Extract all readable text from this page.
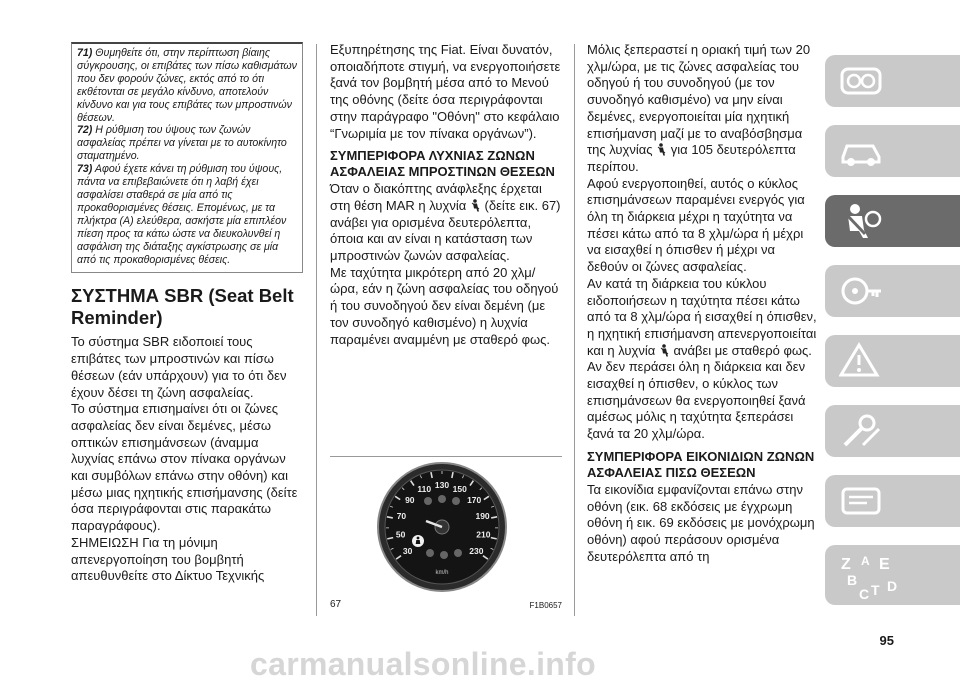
71) Θυμηθείτε ότι, στην περίπτωση βίαιης σύγκρουσης, οι επιβάτες των πίσω καθισμάτων που δεν φορούν ζώνες, εκτός από το ότι εκθέτονται σε μεγάλο κίνδυνο, αποτελούν κίνδυνο και για τους επιβάτες των μπροστινών θέσεων.

72) Η ρύθμιση του ύψους των ζωνών ασφαλείας πρέπει να γίνεται με το αυτοκίνητο σταματημένο.

73) Αφού έχετε κάνει τη ρύθμιση του ύψους, πάντα να επιβεβαιώνετε ότι η λαβή έχει ασφαλίσει σταθερά σε μία από τις προκαθορισμένες θέσεις. Επομένως, με τα πλήκτρα (A) ελεύθερα, ασκήστε μία επιπλέον πίεση προς τα κάτω ώστε να διευκολυνθεί η ασφάλιση της διάταξης αγκίστρωσης σε μία από τις προκαθορισμένες θέσεις.

ΣΥΣΤΗΜΑ SBR (Seat Belt Reminder)

Το σύστημα SBR ειδοποιεί τους επιβάτες των μπροστινών και πίσω θέσεων (εάν υπάρχουν) για το ότι δεν έχουν δέσει τη ζώνη ασφαλείας.

Το σύστημα επισημαίνει ότι οι ζώνες ασφαλείας δεν είναι δεμένες, μέσω οπτικών επισημάνσεων (άναμμα λυχνίας επάνω στον πίνακα οργάνων και συμβόλων επάνω στην οθόνη) και μέσω μιας ηχητικής επισήμανσης (δείτε όσα περιγράφονται στις παρακάτω παραγράφους).

ΣΗΜΕΙΩΣΗ Για τη μόνιμη απενεργοποίηση του βομβητή απευθυνθείτε στο Δίκτυο Τεχνικής

Εξυπηρέτησης της Fiat. Είναι δυνατόν, οποιαδήποτε στιγμή, να ενεργοποιήσετε ξανά τον βομβητή μέσα από το Μενού της οθόνης (δείτε όσα περιγράφονται στην παράγραφο "Οθόνη" στο κεφάλαιο “Γνωριμία με τον πίνακα οργάνων”).

ΣΥΜΠΕΡΙΦΟΡΑ ΛΥΧΝΙΑΣ ΖΩΝΩΝ ΑΣΦΑΛΕΙΑΣ ΜΠΡΟΣΤΙΝΩΝ ΘΕΣΕΩΝ

Όταν ο διακόπτης ανάφλεξης έρχεται στη θέση MAR η λυχνία (δείτε εικ. 67) ανάβει για ορισμένα δευτερόλεπτα, όποια και αν είναι η κατάσταση των μπροστινών ζωνών ασφαλείας.

Με ταχύτητα μικρότερη από 20 χλμ/ώρα, εάν η ζώνη ασφαλείας του οδηγού ή του συνοδηγού δεν είναι δεμένη (με τον συνοδηγό καθισμένο) η λυχνία παραμένει αναμμένη με σταθερό φως.

30
50
70
90
110 130 150
170
190
210
230
km/h
67	F1B0657

Μόλις ξεπεραστεί η οριακή τιμή των 20 χλμ/ώρα, με τις ζώνες ασφαλείας του οδηγού ή του συνοδηγού (με τον συνοδηγό καθισμένο) να μην είναι δεμένες, ενεργοποιείται μία ηχητική επισήμανση μαζί με το αναβόσβησμα της λυχνίας για 105 δευτερόλεπτα περίπου.

Αφού ενεργοποιηθεί, αυτός ο κύκλος επισημάνσεων παραμένει ενεργός για όλη τη διάρκεια μέχρι η ταχύτητα να πέσει κάτω από τα 8 χλμ/ώρα ή μέχρι να εισαχθεί η όπισθεν ή μέχρι να δεθούν οι ζώνες ασφαλείας.

Αν κατά τη διάρκεια του κύκλου ειδοποιήσεων η ταχύτητα πέσει κάτω από τα 8 χλμ/ώρα ή εισαχθεί η όπισθεν, η ηχητική επισήμανση απενεργοποιείται και η λυχνία ανάβει με σταθερό φως.

Αν δεν περάσει όλη η διάρκεια και δεν εισαχθεί η όπισθεν, ο κύκλος των επισημάνσεων θα ενεργοποιηθεί ξανά αμέσως μόλις η ταχύτητα ξεπεράσει ξανά τα 20 χλμ/ώρα.

ΣΥΜΠΕΡΙΦΟΡΑ ΕΙΚΟΝΙΔΙΩΝ ΖΩΝΩΝ ΑΣΦΑΛΕΙΑΣ ΠΙΣΩ ΘΕΣΕΩΝ

Τα εικονίδια εμφανίζονται επάνω στην οθόνη (εικ. 68 εκδόσεις με έγχρωμη οθόνη ή εικ. 69 εκδόσεις με μονόχρωμη οθόνη) αφού περάσουν ορισμένα δευτερόλεπτα από τη	Z A E
B
C T D
95
carmanualsonline.info
